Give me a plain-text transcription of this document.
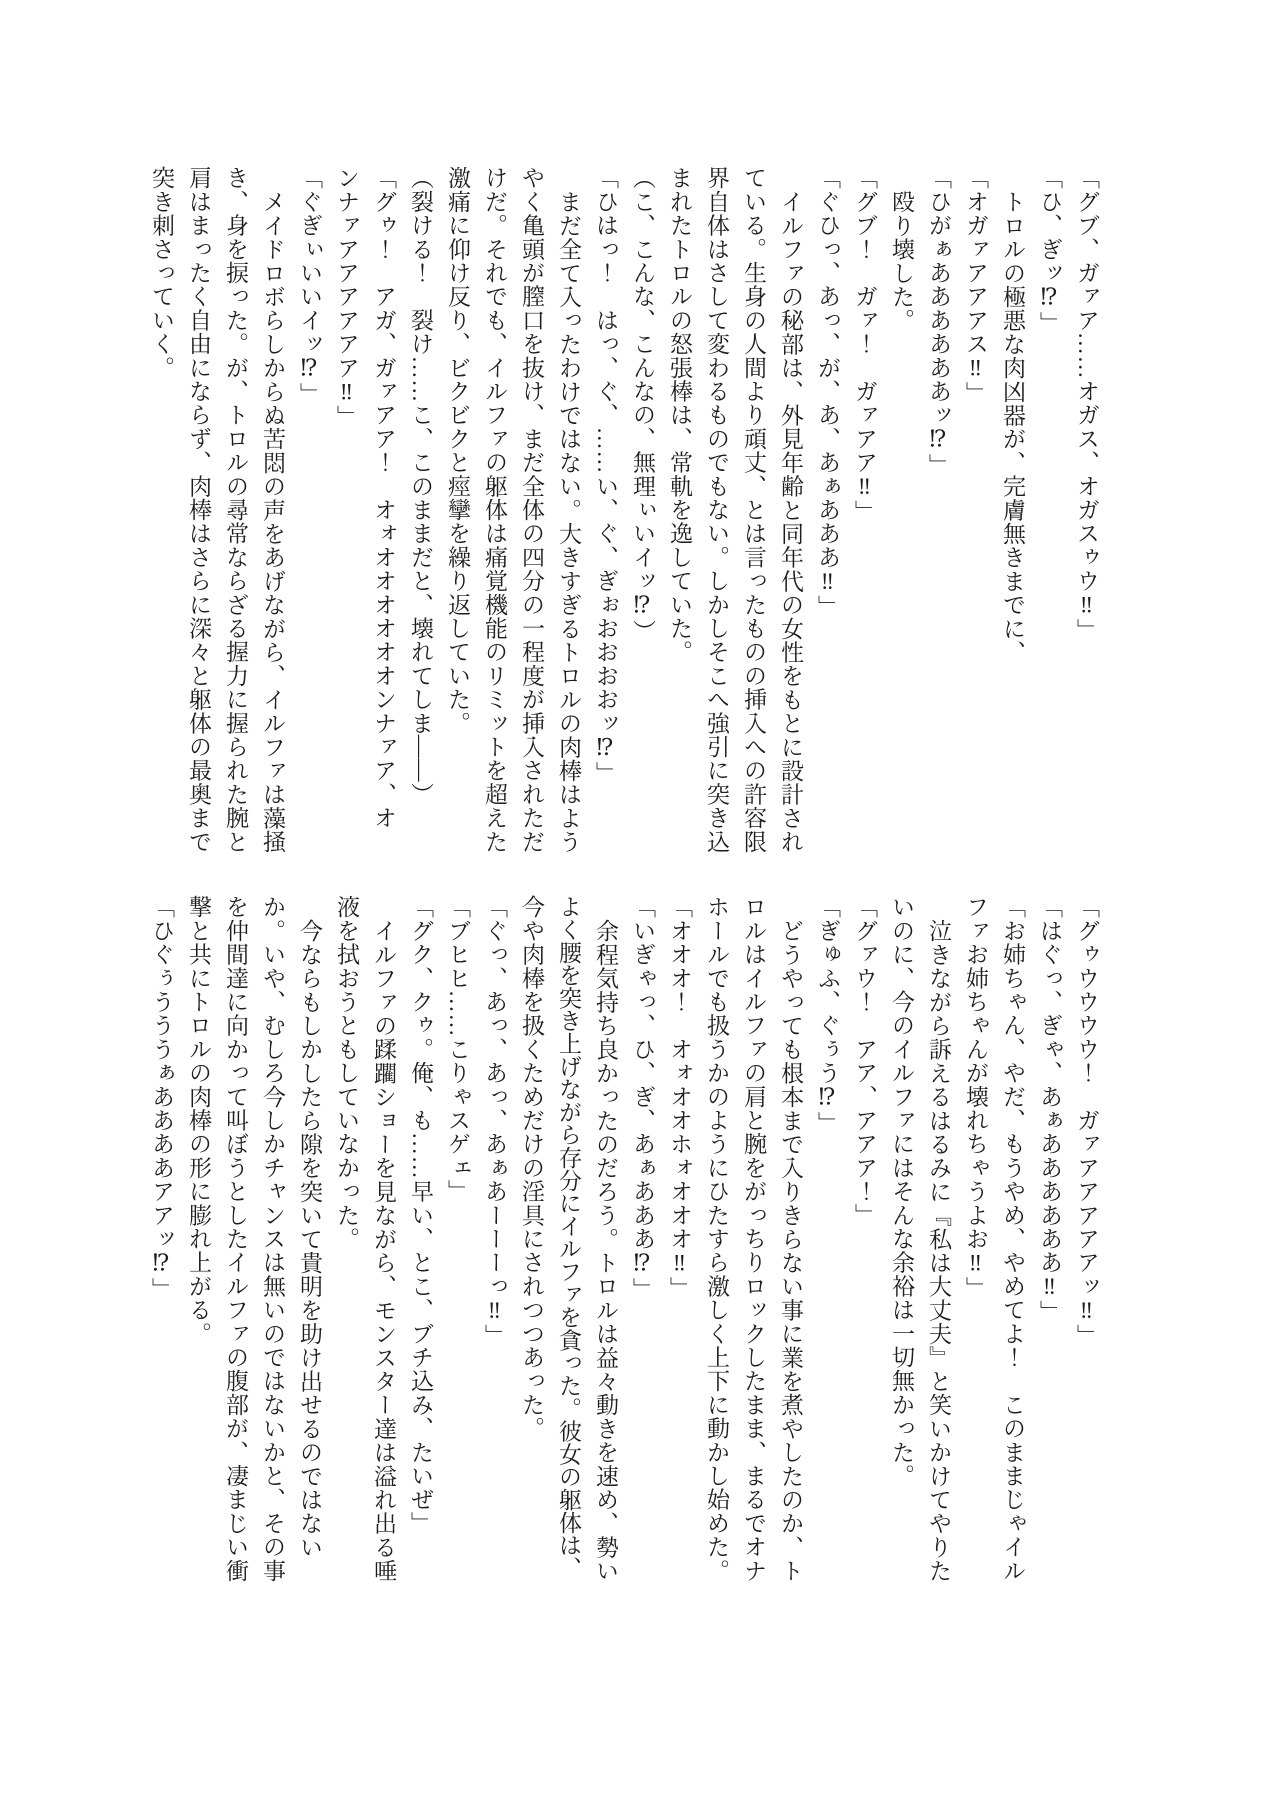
「グブ、ガァア……オガス、オガスゥウ‼」
「ひ、ぎッ⁉」
トロルの極悪な肉凶器が、完膚無きまでに、
「オガァアアアス‼」
「ひがぁああああああッ⁉」
殴り壊した。
「グブ！　ガァ！　ガァアア‼」
「ぐひっ、あっ、が、あ、あぁあああ‼」
イルファの秘部は、外見年齢と同年代の女性をもとに設計され
ている。生身の人間より頑丈、とは言ったものの挿入への許容限
界自体はさして変わるものでもない。しかしそこへ強引に突き込
まれたトロルの怒張棒は、常軌を逸していた。
（こ、こんな、こんなの、無理ぃいイッ⁉）
「ひはっ！　はっ、ぐ、……い、ぐ、ぎぉおおおおッ⁉」
まだ全て入ったわけではない。大きすぎるトロルの肉棒はよう
やく亀頭が膣口を抜け、まだ全体の四分の一程度が挿入されただ
けだ。それでも、イルファの躯体は痛覚機能のリミットを超えた
激痛に仰け反り、ビクビクと痙攣を繰り返していた。
（裂ける！　裂け……こ、このままだと、壊れてしま――）
「グゥ！　アガ、ガァアア！　オォオオオオオオンナァア、オ
ンナァアアアアアア‼」
「ぐぎぃいいイッ⁉」
メイドロボらしからぬ苦悶の声をあげながら、イルファは藻掻
き、身を捩った。が、トロルの尋常ならざる握力に握られた腕と
肩はまったく自由にならず、肉棒はさらに深々と躯体の最奥まで
突き刺さっていく。
「グゥウウウウ！　ガァアアアアアッ‼」
「はぐっ、ぎゃ、あぁああああああ‼」
「お姉ちゃん、やだ、もうやめ、やめてよ！　このままじゃイル
ファお姉ちゃんが壊れちゃうよお‼」
泣きながら訴えるはるみに『私は大丈夫』と笑いかけてやりた
いのに、今のイルファにはそんな余裕は一切無かった。
「グァウ！　アア、アアア！」
「ぎゅふ、ぐぅう⁉」
どうやっても根本まで入りきらない事に業を煮やしたのか、ト
ロルはイルファの肩と腕をがっちりロックしたまま、まるでオナ
ホールでも扱うかのようにひたすら激しく上下に動かし始めた。
「オオオ！　オォオオホォオオオ‼」
「いぎゃっ、ひ、ぎ、あぁあああ⁉」
余程気持ち良かったのだろう。トロルは益々動きを速め、勢い
よく腰を突き上げながら存分にイルファを貪った。彼女の躯体は、
今や肉棒を扱くためだけの淫具にされつつあった。
「ぐっ、あっ、あっ、あぁあーーーっ‼」
「ブヒヒ……こりゃスゲェ」
「グク、クゥ。俺、も……早い、とこ、ブチ込み、たいぜ」
イルファの蹂躙ショーを見ながら、モンスター達は溢れ出る唾
液を拭おうともしていなかった。
今ならもしかしたら隙を突いて貴明を助け出せるのではない
か。いや、むしろ今しかチャンスは無いのではないかと、その事
を仲間達に向かって叫ぼうとしたイルファの腹部が、凄まじい衝
撃と共にトロルの肉棒の形に膨れ上がる。
「ひぐぅうううぁああああアアッ⁉」
